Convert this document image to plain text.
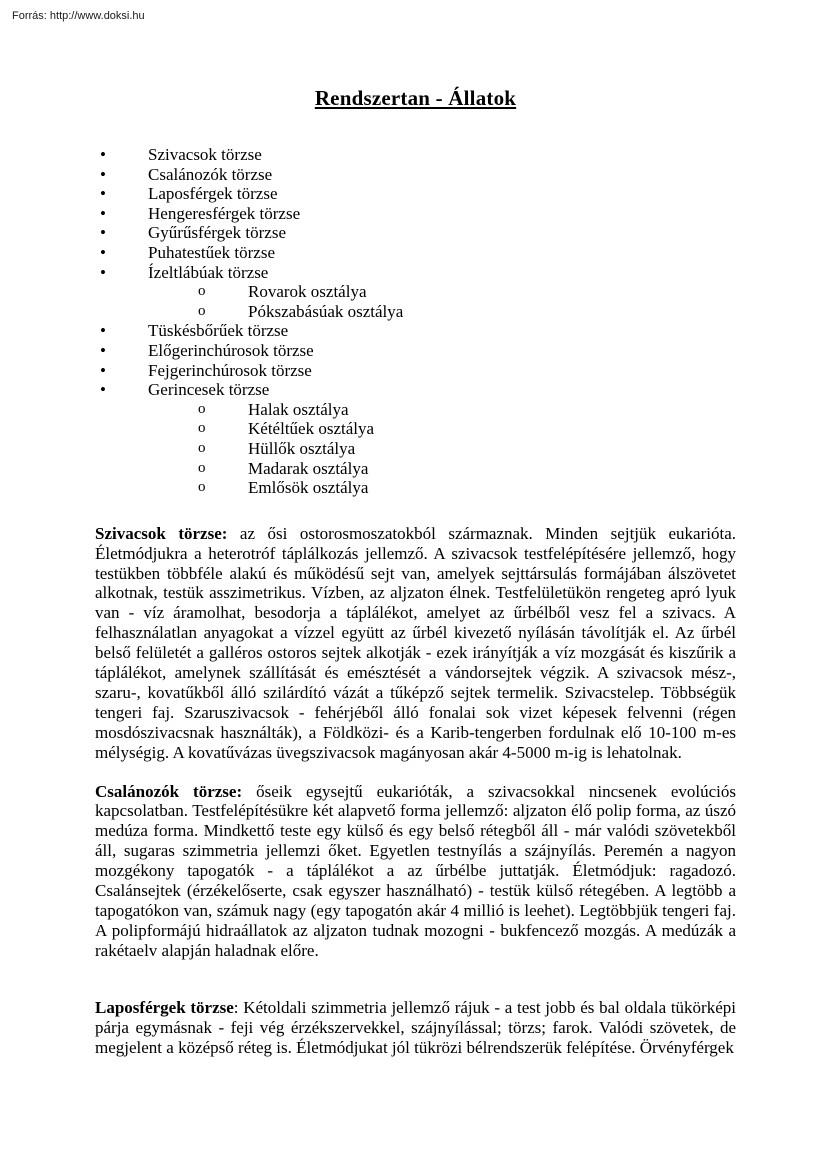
Forrás: http://www.doksi.hu
Rendszertan - Állatok
• Szivacsok törzse
• Csalánozók törzse
• Laposférgek törzse
• Hengeresférgek törzse
• Gyűrűsférgek törzse
• Puhatestűek törzse
• Ízeltlábúak törzse
o	Rovarok osztálya
o	Pókszabásúak osztálya
• Tüskésbőrűek törzse
• Előgerinchúrosok törzse
• Fejgerinchúrosok törzse
• Gerincesek törzse
o	Halak osztálya
o	Kétéltűek osztálya
o	Hüllők osztálya
o	Madarak osztálya
o	Emlősök osztálya

Szivacsok törzse: az ősi ostorosmoszatokból származnak. Minden sejtjük eukarióta. Életmódjukra a heterotróf táplálkozás jellemző. A szivacsok testfelépítésére jellemző, hogy testükben többféle alakú és működésű sejt van, amelyek sejttársulás formájában álszövetet alkotnak, testük asszimetrikus. Vízben, az aljzaton élnek. Testfelületükön rengeteg apró lyuk van - víz áramolhat, besodorja a táplálékot, amelyet az űrbélből vesz fel a szivacs. A felhasználatlan anyagokat a vízzel együtt az űrbél kivezető nyílásán távolítják el. Az űrbél belső felületét a galléros ostoros sejtek alkotják - ezek irányítják a víz mozgását és kiszűrik a táplálékot, amelynek szállítását és emésztését a vándorsejtek végzik. A szivacsok mész-, szaru-, kovatűkből álló szilárdító vázát a tűképző sejtek termelik. Szivacstelep. Többségük tengeri faj. Szaruszivacsok - fehérjéből álló fonalai sok vizet képesek felvenni (régen mosdószivacsnak használták), a Földközi- és a Karib-tengerben fordulnak elő 10-100 m-es mélységig. A kovatűvázas üvegszivacsok magányosan akár 4-5000 m-ig is lehatolnak.

Csalánozók törzse: őseik egysejtű eukarióták, a szivacsokkal nincsenek evolúciós kapcsolatban. Testfelépítésükre két alapvető forma jellemző: aljzaton élő polip forma, az úszó medúza forma. Mindkettő teste egy külső és egy belső rétegből áll - már valódi szövetekből áll, sugaras szimmetria jellemzi őket. Egyetlen testnyílás a szájnyílás. Peremén a nagyon mozgékony tapogatók - a táplálékot a az űrbélbe juttatják. Életmódjuk: ragadozó. Csalánsejtek (érzékelőserte, csak egyszer használható) - testük külső rétegében. A legtöbb a tapogatókon van, számuk nagy (egy tapogatón akár 4 millió is leehet). Legtöbbjük tengeri faj. A polipformájú hidraállatok az aljzaton tudnak mozogni - bukfencező mozgás. A medúzák a rakétaelv alapján haladnak előre.

Laposférgek törzse: Kétoldali szimmetria jellemző rájuk - a test jobb és bal oldala tükörképi párja egymásnak - feji vég érzékszervekkel, szájnyílással; törzs; farok. Valódi szövetek, de megjelent a középső réteg is. Életmódjukat jól tükrözi bélrendszerük felépítése. Örvényférgek
